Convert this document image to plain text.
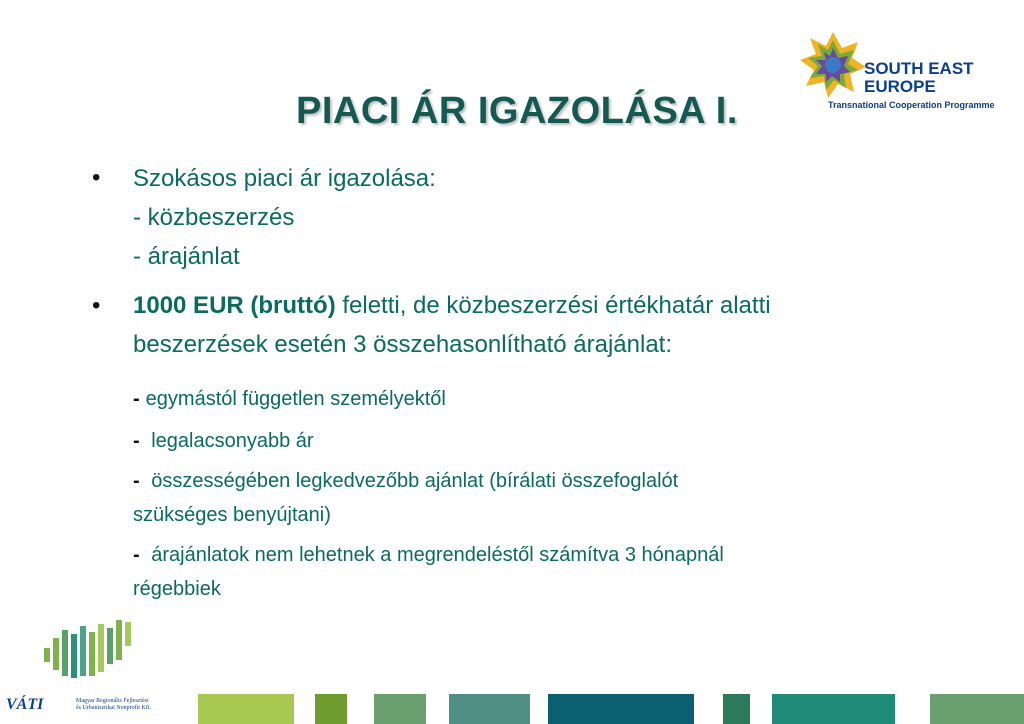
PIACI ÁR IGAZOLÁSA I.
SOUTH EAST
EUROPE
Transnational Cooperation Programme
• Szokásos piaci ár igazolása:
- közbeszerzés
- árajánlat
• 1000 EUR (bruttó) feletti, de közbeszerzési értékhatár alatti
beszerzések esetén 3 összehasonlítható árajánlat:
- egymástól független személyektől
- legalacsonyabb ár
- összességében legkedvezőbb ajánlat (bírálati összefoglalót
szükséges benyújtani)
- árajánlatok nem lehetnek a megrendeléstől számítva 3 hónapnál
régebbiek
VÁTI	Magyar Regionális Fejlesztési
és Urbanisztikai Nonprofit Kft.
